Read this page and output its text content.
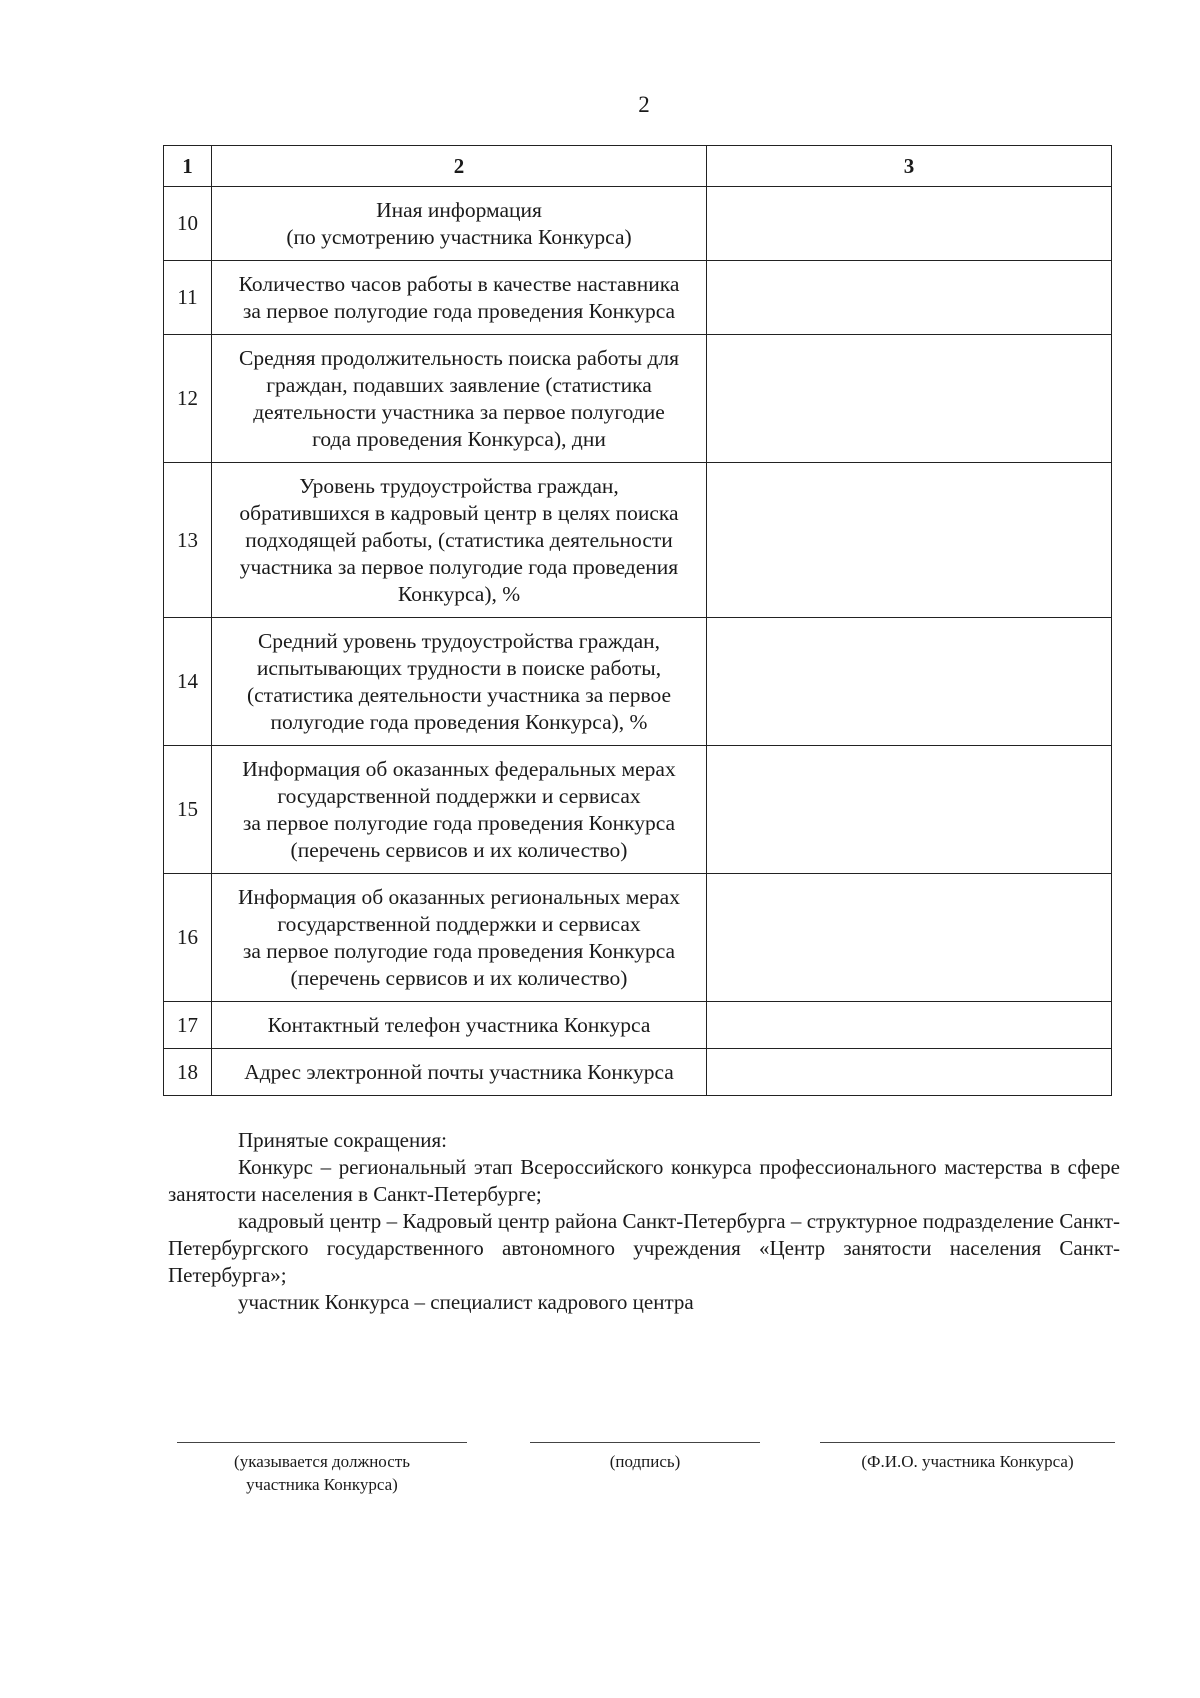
2
1	2	3
10	Иная информация
(по усмотрению участника Конкурса)	

11	Количество часов работы в качестве наставника
за первое полугодие года проведения Конкурса	

12	Средняя продолжительность поиска работы для
граждан, подавших заявление (статистика
деятельности участника за первое полугодие
года проведения Конкурса), дни	

13	Уровень трудоустройства граждан,
обратившихся в кадровый центр в целях поиска
подходящей работы, (статистика деятельности
участника за первое полугодие года проведения
Конкурса), %	

14	Средний уровень трудоустройства граждан,
испытывающих трудности в поиске работы,
(статистика деятельности участника за первое
полугодие года проведения Конкурса), %	

15	Информация об оказанных федеральных мерах
государственной поддержки и сервисах
за первое полугодие года проведения Конкурса
(перечень сервисов и их количество)	

16	Информация об оказанных региональных мерах
государственной поддержки и сервисах
за первое полугодие года проведения Конкурса
(перечень сервисов и их количество)	

17	Контактный телефон участника Конкурса	

18	Адрес электронной почты участника Конкурса	

Принятые сокращения:

Конкурс – региональный этап Всероссийского конкурса профессионального мастерства в сфере занятости населения в Санкт-Петербурге;

кадровый центр – Кадровый центр района Санкт-Петербурга – структурное подразделение Санкт-Петербургского государственного автономного учреждения «Центр занятости населения Санкт-Петербурга»;

участник Конкурса – специалист кадрового центра

(указывается должность
участника Конкурса)
(подпись)	(Ф.И.О. участника Конкурса)
